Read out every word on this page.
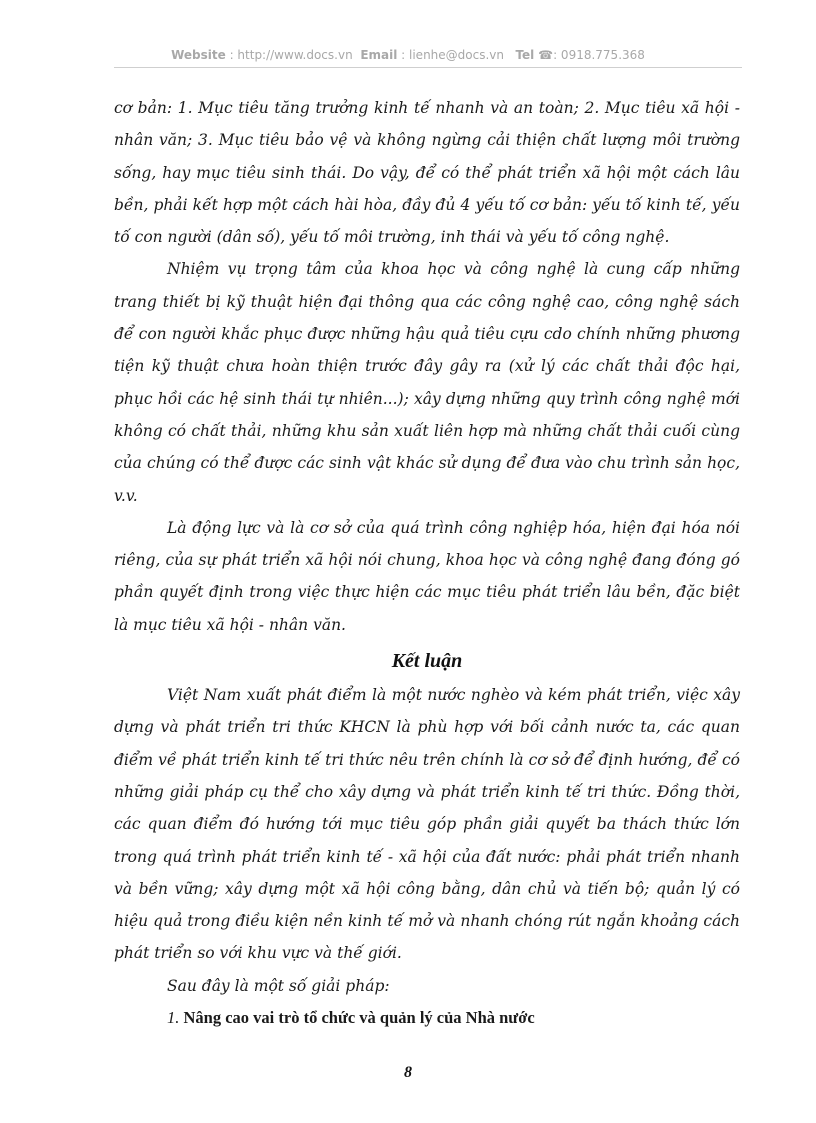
Website : http://www.docs.vn Email : lienhe@docs.vn Tel ☎: 0918.775.368

cơ bản: 1. Mục tiêu tăng trưởng kinh tế nhanh và an toàn; 2. Mục tiêu xã hội - nhân văn; 3. Mục tiêu bảo vệ và không ngừng cải thiện chất lượng môi trường sống, hay mục tiêu sinh thái. Do vậy, để có thể phát triển xã hội một cách lâu bền, phải kết hợp một cách hài hòa, đầy đủ 4 yếu tố cơ bản: yếu tố kinh tế, yếu tố con người (dân số), yếu tố môi trường, inh thái và yếu tố công nghệ.

Nhiệm vụ trọng tâm của khoa học và công nghệ là cung cấp những trang thiết bị kỹ thuật hiện đại thông qua các công nghệ cao, công nghệ sách để con người khắc phục được những hậu quả tiêu cựu cdo chính những phương tiện kỹ thuật chưa hoàn thiện trước đây gây ra (xử lý các chất thải độc hại, phục hồi các hệ sinh thái tự nhiên...); xây dựng những quy trình công nghệ mới không có chất thải, những khu sản xuất liên hợp mà những chất thải cuối cùng của chúng có thể được các sinh vật khác sử dụng để đưa vào chu trình sản học, v.v.

Là động lực và là cơ sở của quá trình công nghiệp hóa, hiện đại hóa nói riêng, của sự phát triển xã hội nói chung, khoa học và công nghệ đang đóng gó phần quyết định trong việc thực hiện các mục tiêu phát triển lâu bền, đặc biệt là mục tiêu xã hội - nhân văn.

Kết luận

Việt Nam xuất phát điểm là một nước nghèo và kém phát triển, việc xây dựng và phát triển tri thức KHCN là phù hợp với bối cảnh nước ta, các quan điểm về phát triển kinh tế tri thức nêu trên chính là cơ sở để định hướng, để có những giải pháp cụ thể cho xây dựng và phát triển kinh tế tri thức. Đồng thời, các quan điểm đó hướng tới mục tiêu góp phần giải quyết ba thách thức lớn trong quá trình phát triển kinh tế - xã hội của đất nước: phải phát triển nhanh và bền vững; xây dựng một xã hội công bằng, dân chủ và tiến bộ; quản lý có hiệu quả trong điều kiện nền kinh tế mở và nhanh chóng rút ngắn khoảng cách phát triển so với khu vực và thế giới.

Sau đây là một số giải pháp:

1. Nâng cao vai trò tổ chức và quản lý của Nhà nước
8
